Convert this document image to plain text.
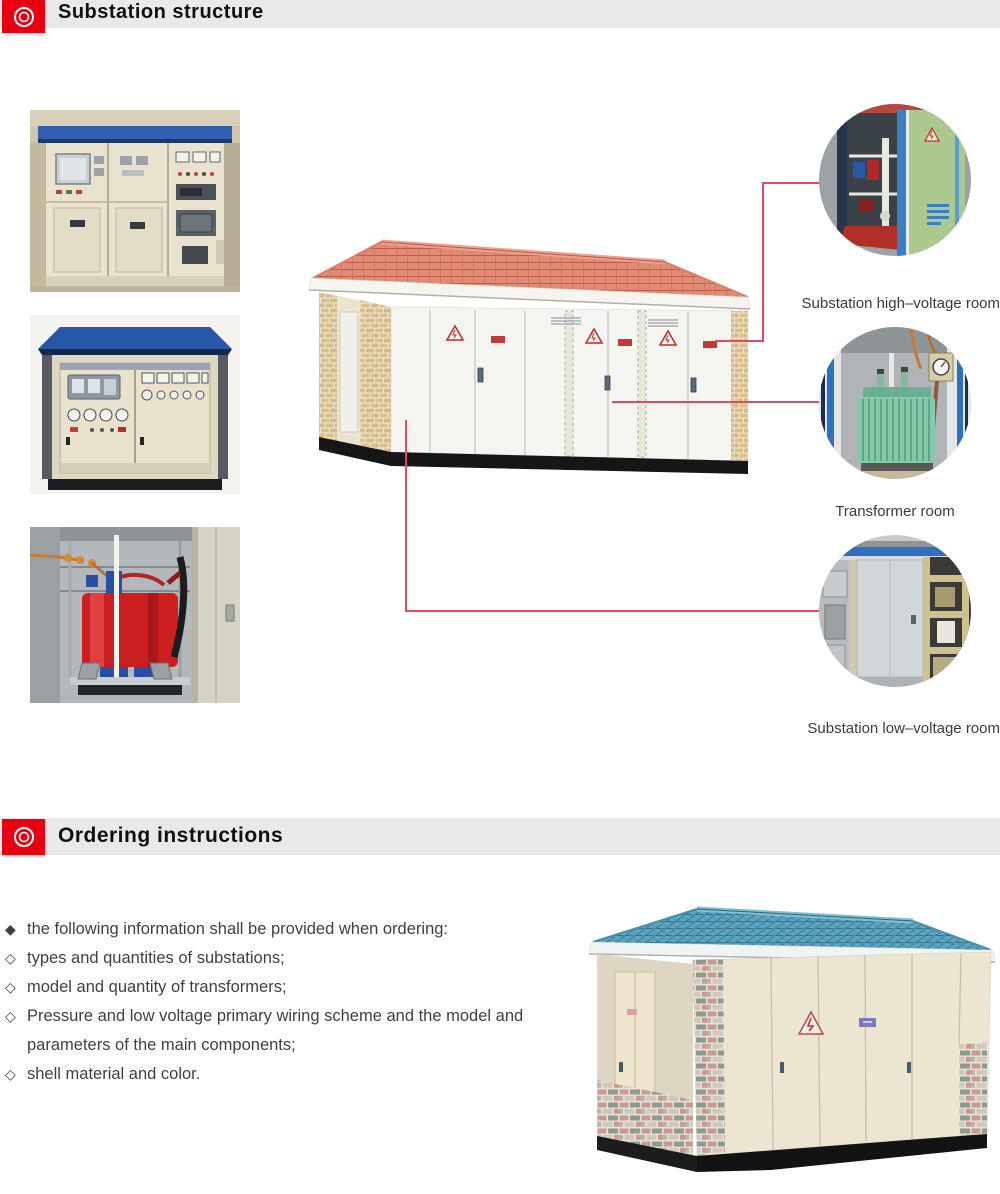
Substation structure
Substation high–voltage room
Transformer room
Substation low–voltage room
Ordering instructions
◆ the following information shall be provided when ordering:
◇ types and quantities of substations;
◇ model and quantity of transformers;
◇ Pressure and low voltage primary wiring scheme and the model and parameters of the main components;
◇ shell material and color.
